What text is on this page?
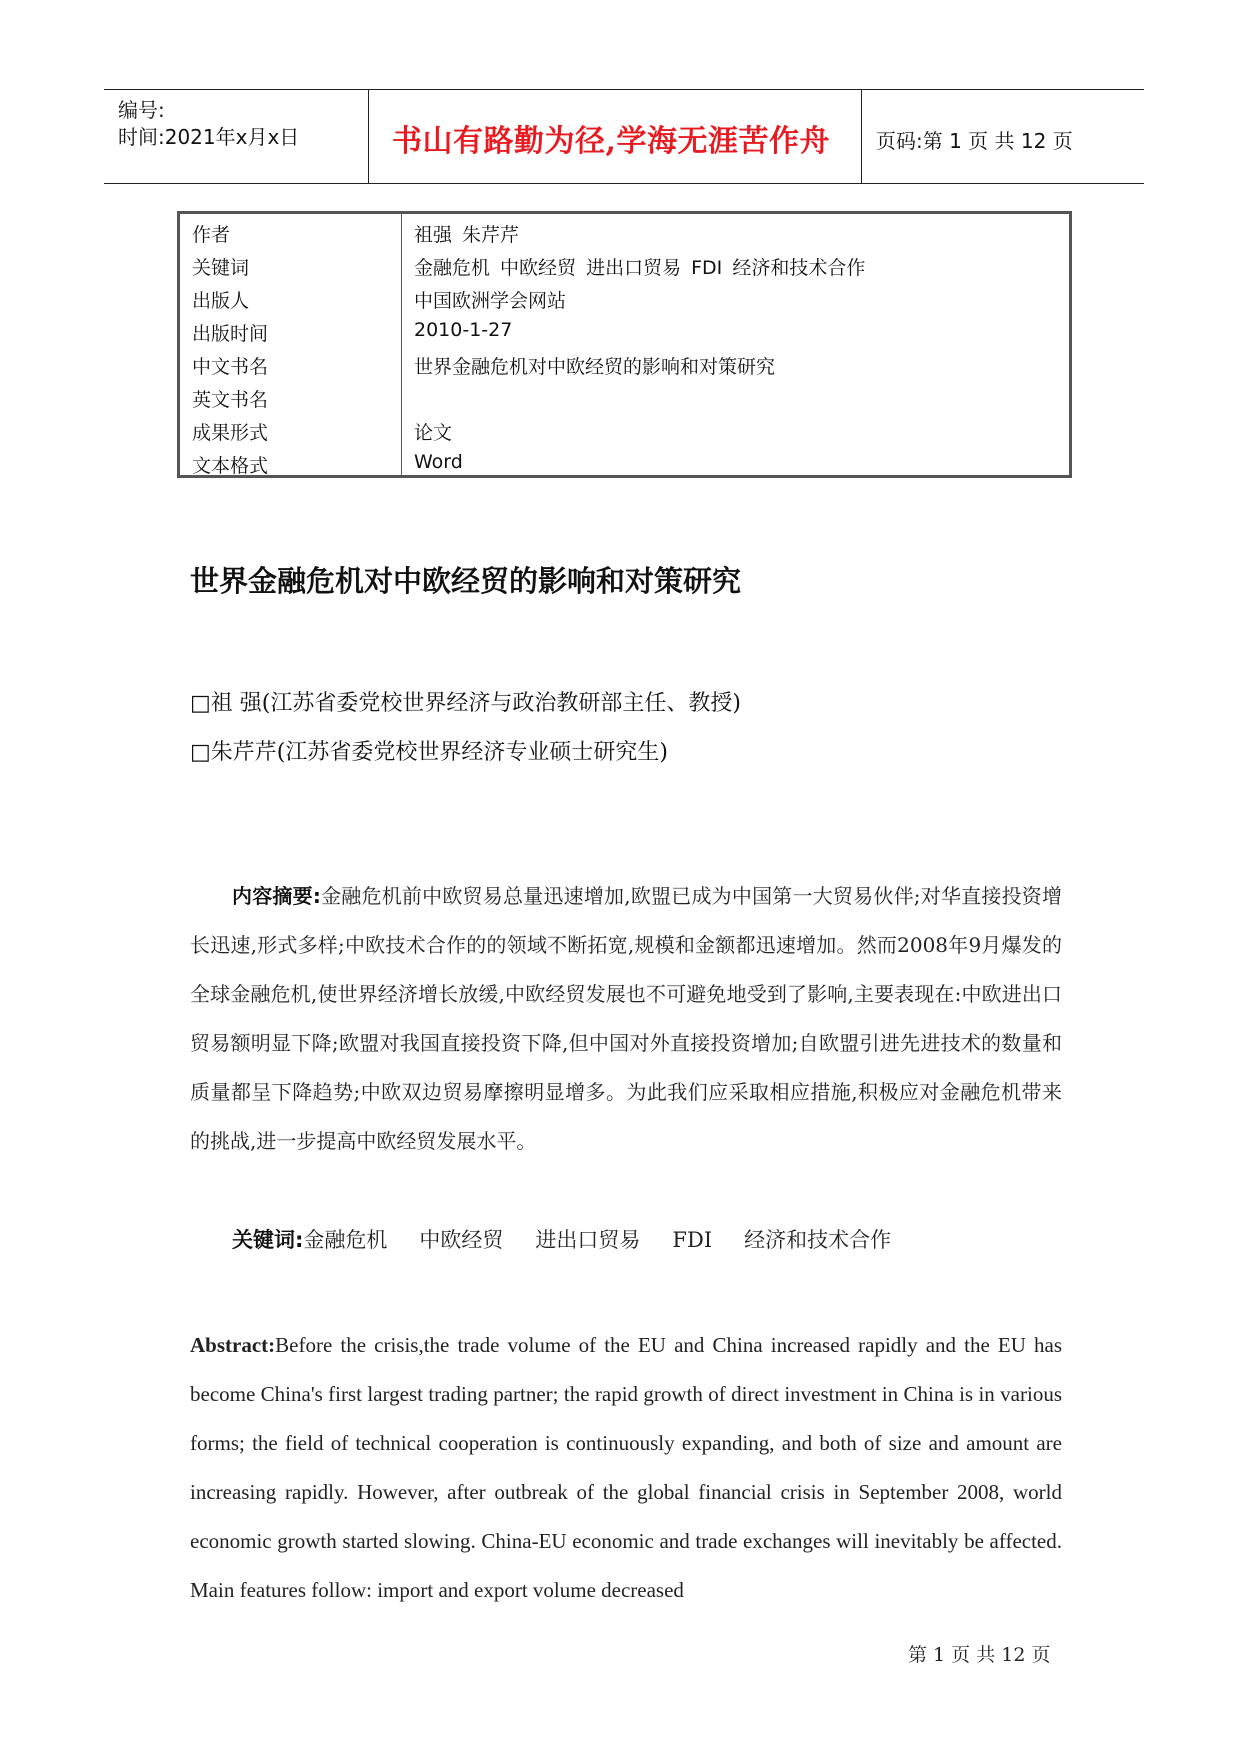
编号:
时间:2021年x月x日	书山有路勤为径,学海无涯苦作舟 页码:第 1 页 共 12 页
作者	祖强 朱芹芹
关键词	金融危机 中欧经贸 进出口贸易 FDI 经济和技术合作
出版人	中国欧洲学会网站
出版时间	2010-1-27
中文书名	世界金融危机对中欧经贸的影响和对策研究
英文书名
成果形式	论文
文本格式	Word
世界金融危机对中欧经贸的影响和对策研究
□祖 强(江苏省委党校世界经济与政治教研部主任、教授)
□朱芹芹(江苏省委党校世界经济专业硕士研究生)
内容摘要:金融危机前中欧贸易总量迅速增加,欧盟已成为中国第一大贸易伙伴;对华直接投资增长迅速,形式多样;中欧技术合作的的领域不断拓宽,规模和金额都迅速增加。然而2008年9月爆发的全球金融危机,使世界经济增长放缓,中欧经贸发展也不可避免地受到了影响,主要表现在:中欧进出口贸易额明显下降;欧盟对我国直接投资下降,但中国对外直接投资增加;自欧盟引进先进技术的数量和质量都呈下降趋势;中欧双边贸易摩擦明显增多。为此我们应采取相应措施,积极应对金融危机带来的挑战,进一步提高中欧经贸发展水平。
关键词:金融危机 中欧经贸 进出口贸易 FDI 经济和技术合作
Abstract:Before the crisis,the trade volume of the EU and China increased rapidly and the EU has become China's first largest trading partner; the rapid growth of direct investment in China is in various forms; the field of technical cooperation is continuously expanding, and both of size and amount are increasing rapidly. However, after outbreak of the global financial crisis in September 2008, world economic growth started slowing. China-EU economic and trade exchanges will inevitably be affected. Main features follow: import and export volume decreased
第 1 页 共 12 页
